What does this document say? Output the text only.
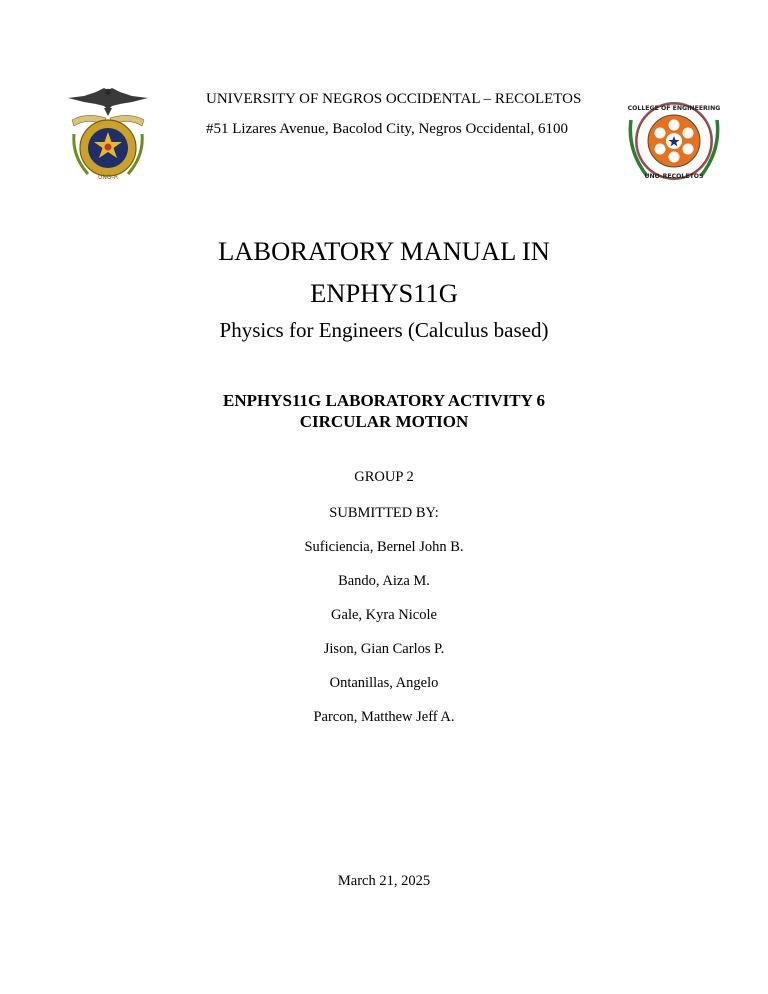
UNO-R
UNIVERSITY OF NEGROS OCCIDENTAL – RECOLETOS
#51 Lizares Avenue, Bacolod City, Negros Occidental, 6100
COLLEGE OF ENGINEERING
UNO-RECOLETOS
LABORATORY MANUAL IN
ENPHYS11G
Physics for Engineers (Calculus based)
ENPHYS11G LABORATORY ACTIVITY 6
CIRCULAR MOTION
GROUP 2
SUBMITTED BY:
Suficiencia, Bernel John B.
Bando, Aiza M.
Gale, Kyra Nicole
Jison, Gian Carlos P.
Ontanillas, Angelo
Parcon, Matthew Jeff A.
March 21, 2025
